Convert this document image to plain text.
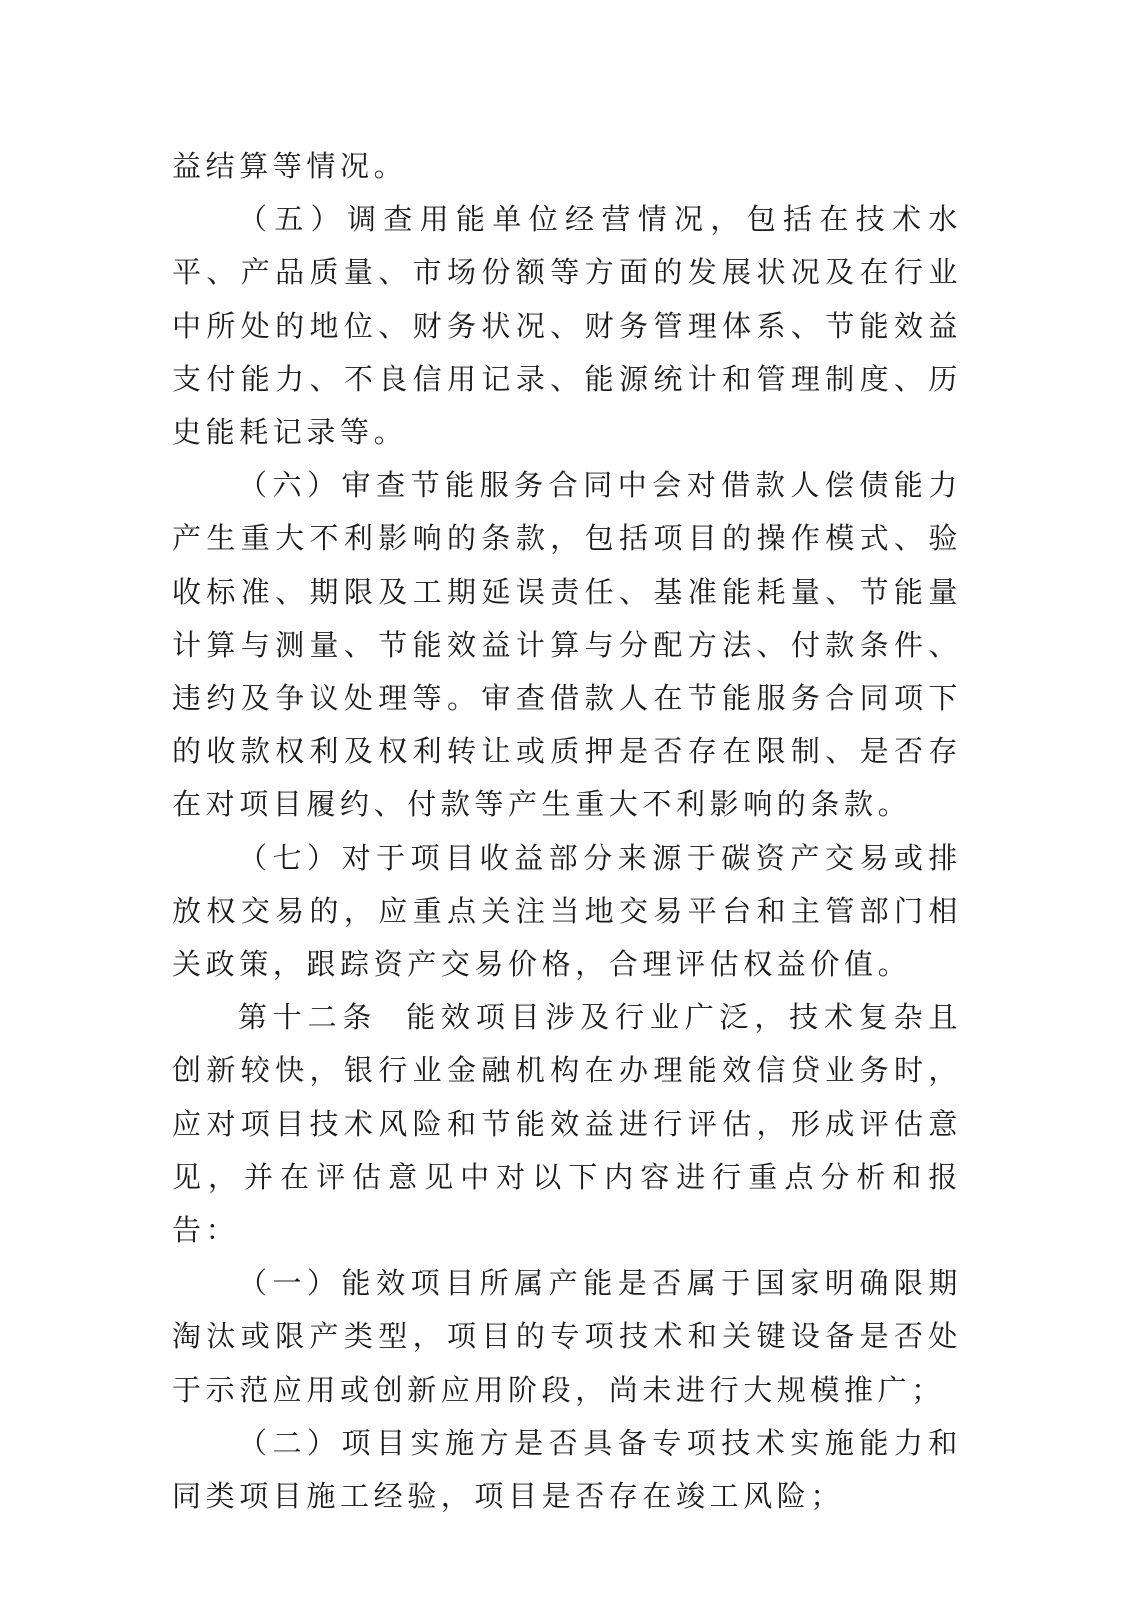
益结算等情况。

（五）调查用能单位经营情况，包括在技术水平、产品质量、市场份额等方面的发展状况及在行业中所处的地位、财务状况、财务管理体系、节能效益支付能力、不良信用记录、能源统计和管理制度、历史能耗记录等。

（六）审查节能服务合同中会对借款人偿债能力产生重大不利影响的条款，包括项目的操作模式、验收标准、期限及工期延误责任、基准能耗量、节能量计算与测量、节能效益计算与分配方法、付款条件、违约及争议处理等。审查借款人在节能服务合同项下的收款权利及权利转让或质押是否存在限制、是否存在对项目履约、付款等产生重大不利影响的条款。

（七）对于项目收益部分来源于碳资产交易或排放权交易的，应重点关注当地交易平台和主管部门相关政策，跟踪资产交易价格，合理评估权益价值。

第十二条 能效项目涉及行业广泛，技术复杂且创新较快，银行业金融机构在办理能效信贷业务时，应对项目技术风险和节能效益进行评估，形成评估意见，并在评估意见中对以下内容进行重点分析和报告：

（一）能效项目所属产能是否属于国家明确限期淘汰或限产类型，项目的专项技术和关键设备是否处于示范应用或创新应用阶段，尚未进行大规模推广；

（二）项目实施方是否具备专项技术实施能力和同类项目施工经验，项目是否存在竣工风险；
